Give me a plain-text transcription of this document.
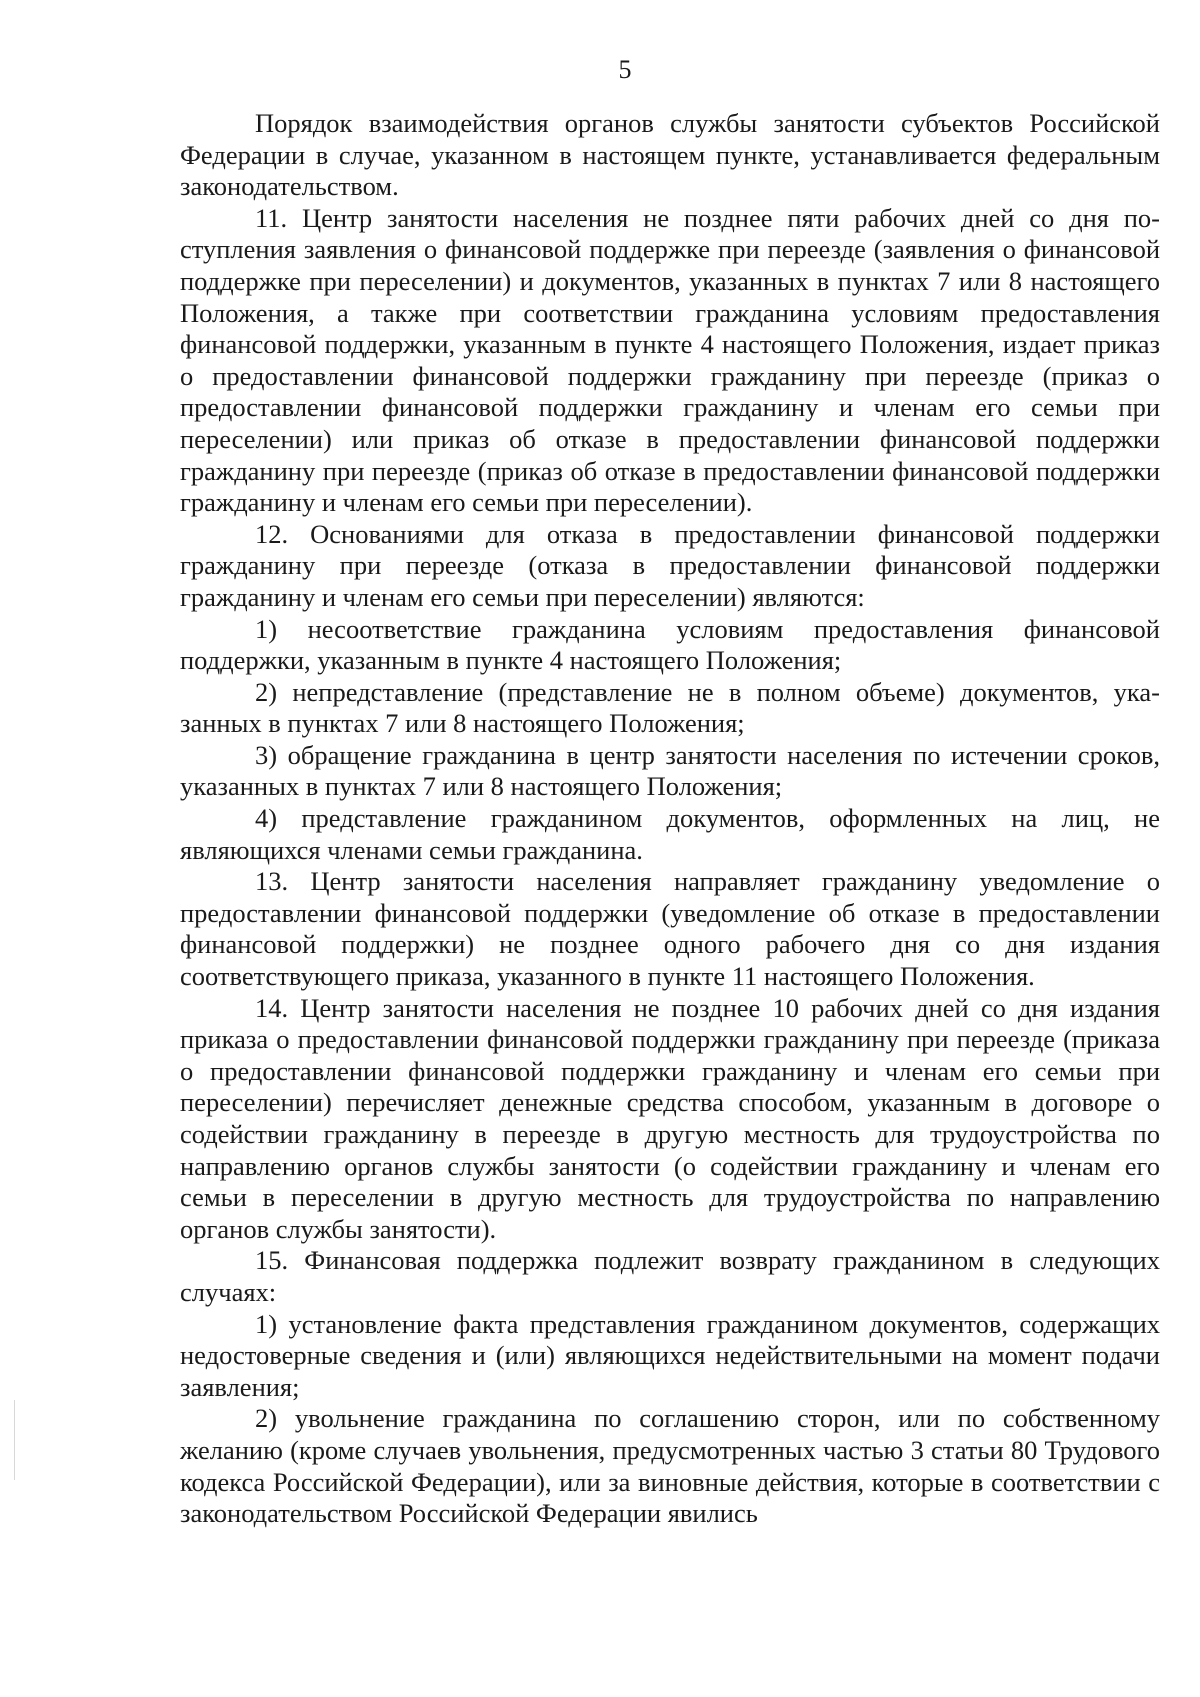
5

Порядок взаимодействия органов службы занятости субъектов Российской Федерации в случае, указанном в настоящем пункте, устанавливается федеральным законодательством.

11. Центр занятости населения не позднее пяти рабочих дней со дня поступления заявления о финансовой поддержке при переезде (заявления о финансовой поддержке при переселении) и документов, указанных в пунктах 7 или 8 настоящего Положения, а также при соответствии гражданина условиям предоставления финансовой поддержки, указанным в пункте 4 настоящего Положения, издает приказ о предоставлении финансовой поддержки гражданину при переезде (приказ о предоставлении финансовой поддержки гражданину и членам его семьи при переселении) или приказ об отказе в предоставлении финансовой поддержки гражданину при переезде (приказ об отказе в предоставлении финансовой поддержки гражданину и членам его семьи при переселении).

12. Основаниями для отказа в предоставлении финансовой поддержки гражданину при переезде (отказа в предоставлении финансовой поддержки гражданину и членам его семьи при переселении) являются:

1) несоответствие гражданина условиям предоставления финансовой поддержки, указанным в пункте 4 настоящего Положения;

2) непредставление (представление не в полном объеме) документов, указанных в пунктах 7 или 8 настоящего Положения;

3) обращение гражданина в центр занятости населения по истечении сроков, указанных в пунктах 7 или 8 настоящего Положения;

4) представление гражданином документов, оформленных на лиц, не являющихся членами семьи гражданина.

13. Центр занятости населения направляет гражданину уведомление о предоставлении финансовой поддержки (уведомление об отказе в предоставлении финансовой поддержки) не позднее одного рабочего дня со дня издания соответствующего приказа, указанного в пункте 11 настоящего Положения.

14. Центр занятости населения не позднее 10 рабочих дней со дня издания приказа о предоставлении финансовой поддержки гражданину при переезде (приказа о предоставлении финансовой поддержки гражданину и членам его семьи при переселении) перечисляет денежные средства способом, указанным в договоре о содействии гражданину в переезде в другую местность для трудоустройства по направлению органов службы занятости (о содействии гражданину и членам его семьи в переселении в другую местность для трудоустройства по направлению органов службы занятости).

15. Финансовая поддержка подлежит возврату гражданином в следующих случаях:

1) установление факта представления гражданином документов, содержащих недостоверные сведения и (или) являющихся недействительными на момент подачи заявления;

2) увольнение гражданина по соглашению сторон, или по собственному желанию (кроме случаев увольнения, предусмотренных частью 3 статьи 80 Трудового кодекса Российской Федерации), или за виновные действия, которые в соответствии с законодательством Российской Федерации явились
